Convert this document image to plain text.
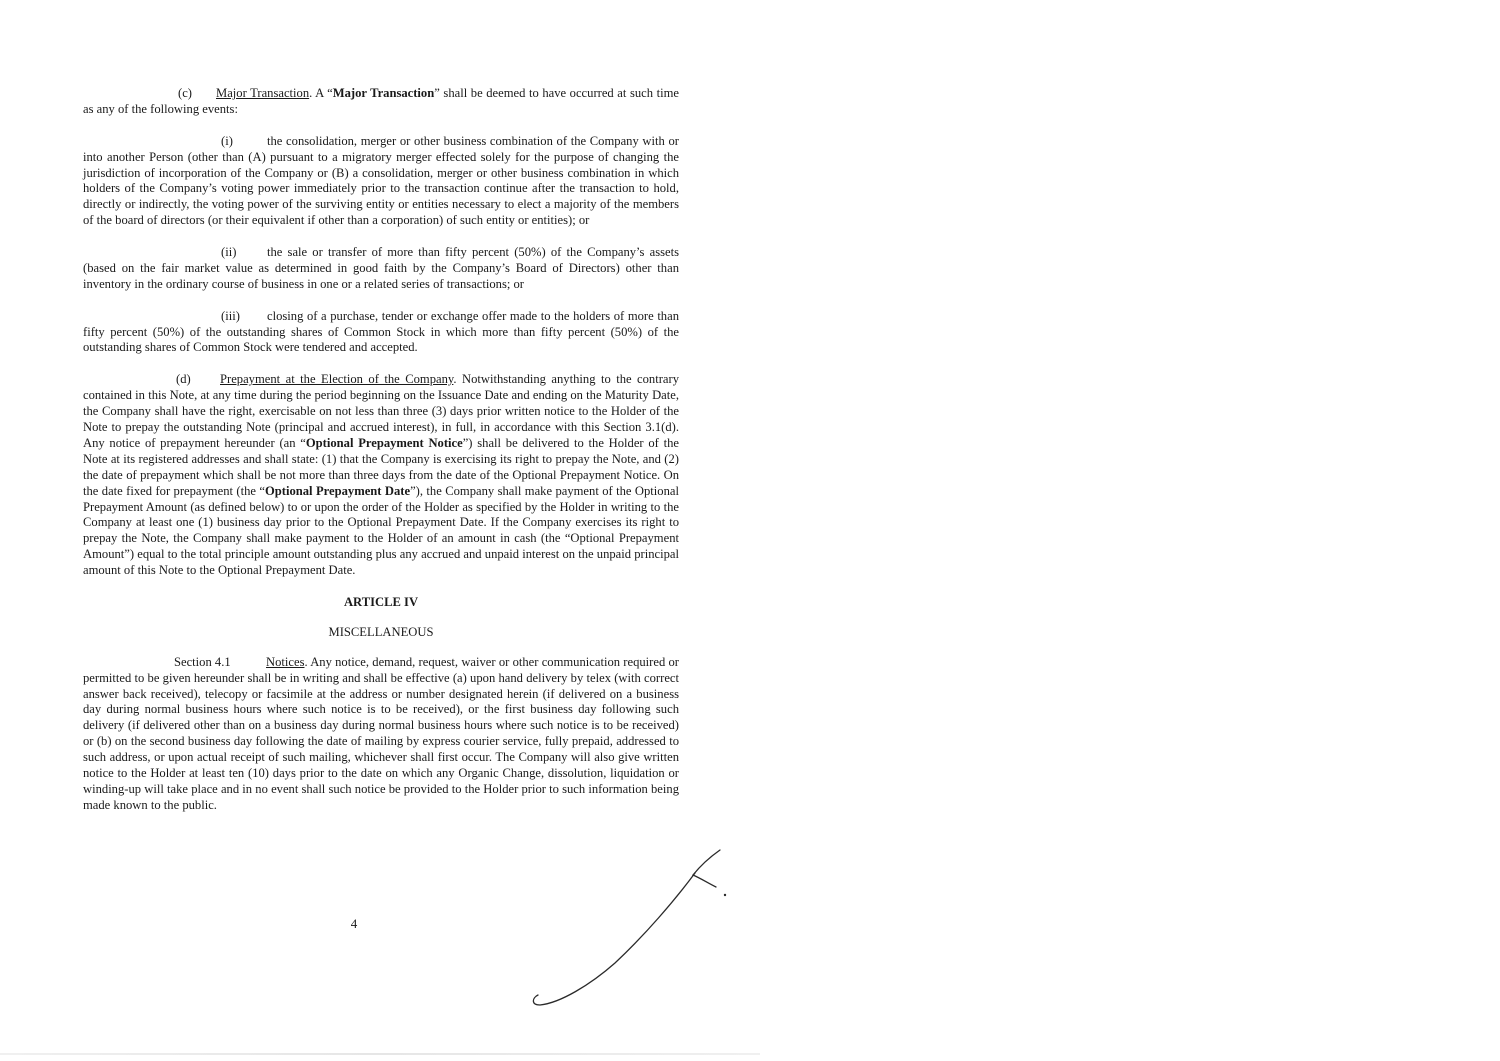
(c) Major Transaction. A “Major Transaction” shall be deemed to have occurred at such time as any of the following events:

(i)	the consolidation, merger or other business combination of the Company with or into another Person (other than (A) pursuant to a migratory merger effected solely for the purpose of changing the jurisdiction of incorporation of the Company or (B) a consolidation, merger or other business combination in which holders of the Company’s voting power immediately prior to the transaction continue after the transaction to hold, directly or indirectly, the voting power of the surviving entity or entities necessary to elect a majority of the members of the board of directors (or their equivalent if other than a corporation) of such entity or entities); or

(ii) the sale or transfer of more than fifty percent (50%) of the Company’s assets (based on the fair market value as determined in good faith by the Company’s Board of Directors) other than inventory in the ordinary course of business in one or a related series of transactions; or

(iii) closing of a purchase, tender or exchange offer made to the holders of more than fifty percent (50%) of the outstanding shares of Common Stock in which more than fifty percent (50%) of the outstanding shares of Common Stock were tendered and accepted.

(d) Prepayment at the Election of the Company. Notwithstanding anything to the contrary contained in this Note, at any time during the period beginning on the Issuance Date and ending on the Maturity Date, the Company shall have the right, exercisable on not less than three (3) days prior written notice to the Holder of the Note to prepay the outstanding Note (principal and accrued interest), in full, in accordance with this Section 3.1(d). Any notice of prepayment hereunder (an “Optional Prepayment Notice”) shall be delivered to the Holder of the Note at its registered addresses and shall state: (1) that the Company is exercising its right to prepay the Note, and (2) the date of prepayment which shall be not more than three days from the date of the Optional Prepayment Notice. On the date fixed for prepayment (the “Optional Prepayment Date”), the Company shall make payment of the Optional Prepayment Amount (as defined below) to or upon the order of the Holder as specified by the Holder in writing to the Company at least one (1) business day prior to the Optional Prepayment Date. If the Company exercises its right to prepay the Note, the Company shall make payment to the Holder of an amount in cash (the “Optional Prepayment Amount”) equal to the total principle amount outstanding plus any accrued and unpaid interest on the unpaid principal amount of this Note to the Optional Prepayment Date.

ARTICLE IV

MISCELLANEOUS

Section 4.1	Notices. Any notice, demand, request, waiver or other communication required or permitted to be given hereunder shall be in writing and shall be effective (a) upon hand delivery by telex (with correct answer back received), telecopy or facsimile at the address or number designated herein (if delivered on a business day during normal business hours where such notice is to be received), or the first business day following such delivery (if delivered other than on a business day during normal business hours where such notice is to be received) or (b) on the second business day following the date of mailing by express courier service, fully prepaid, addressed to such address, or upon actual receipt of such mailing, whichever shall first occur. The Company will also give written notice to the Holder at least ten (10) days prior to the date on which any Organic Change, dissolution, liquidation or winding-up will take place and in no event shall such notice be provided to the Holder prior to such information being made known to the public.

4
